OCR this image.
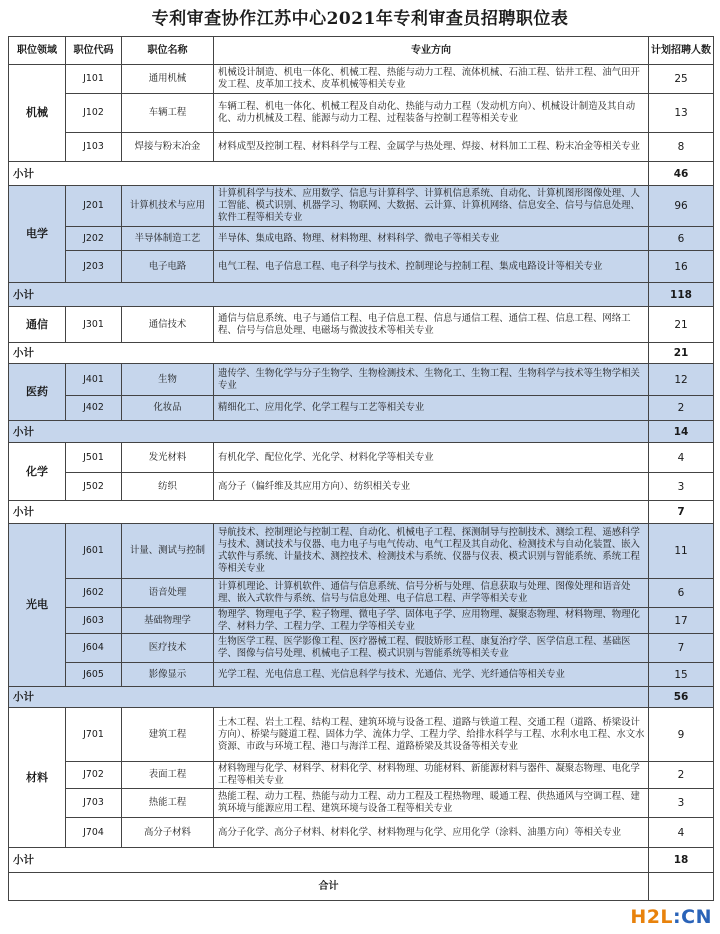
专利审查协作江苏中心2021年专利审查员招聘职位表
职位领域	职位代码	职位名称	专业方向	计划招聘人数
机械	J101	通用机械	机械设计制造、机电一体化、机械工程、热能与动力工程、流体机械、石油工程、钻井工程、油气田开发工程、皮革加工技术、皮革机械等相关专业	25
	J102	车辆工程	车辆工程、机电一体化、机械工程及自动化、热能与动力工程（发动机方向）、机械设计制造及其自动化、动力机械及工程、能源与动力工程、过程装备与控制工程等相关专业	13
	J103	焊接与粉末冶金	材料成型及控制工程、材料科学与工程、金属学与热处理、焊接、材料加工工程、粉末冶金等相关专业	8
小计				46
电学	J201	计算机技术与应用	计算机科学与技术、应用数学、信息与计算科学、计算机信息系统、自动化、计算机图形图像处理、人工智能、模式识别、机器学习、物联网、大数据、云计算、计算机网络、信息安全、信号与信息处理、软件工程等相关专业	96
	J202	半导体制造工艺	半导体、集成电路、物理、材料物理、材料科学、微电子等相关专业	6
	J203	电子电路	电气工程、电子信息工程、电子科学与技术、控制理论与控制工程、集成电路设计等相关专业	16
小计				118
通信	J301	通信技术	通信与信息系统、电子与通信工程、电子信息工程、信息与通信工程、通信工程、信息工程、网络工程、信号与信息处理、电磁场与微波技术等相关专业	21
小计				21
医药	J401	生物	遗传学、生物化学与分子生物学、生物检测技术、生物化工、生物工程、生物科学与技术等生物学相关专业	12
	J402	化妆品	精细化工、应用化学、化学工程与工艺等相关专业	2
小计				14
化学	J501	发光材料	有机化学、配位化学、光化学、材料化学等相关专业	4
	J502	纺织	高分子（偏纤维及其应用方向）、纺织相关专业	3
小计				7
光电	J601	计量、测试与控制	导航技术、控制理论与控制工程、自动化、机械电子工程、探测制导与控制技术、测绘工程、遥感科学与技术、测试技术与仪器、电力电子与电气传动、电气工程及其自动化、检测技术与自动化装置、嵌入式软件与系统、计量技术、测控技术、检测技术与系统、仪器与仪表、模式识别与智能系统、系统工程等相关专业	11
	J602	语音处理	计算机理论、计算机软件、通信与信息系统、信号分析与处理、信息获取与处理、图像处理和语音处理、嵌入式软件与系统、信号与信息处理、电子信息工程、声学等相关专业	6
	J603	基础物理学	物理学、物理电子学、粒子物理、微电子学、固体电子学、应用物理、凝聚态物理、材料物理、物理化学、材料力学、工程力学、工程力学等相关专业	17
	J604	医疗技术	生物医学工程、医学影像工程、医疗器械工程、假肢矫形工程、康复治疗学、医学信息工程、基础医学、图像与信号处理、机械电子工程、模式识别与智能系统等相关专业	7
	J605	影像显示	光学工程、光电信息工程、光信息科学与技术、光通信、光学、光纤通信等相关专业	15
小计				56
材料	J701	建筑工程	土木工程、岩土工程、结构工程、建筑环境与设备工程、道路与铁道工程、交通工程（道路、桥梁设计方向）、桥梁与隧道工程、固体力学、流体力学、工程力学、给排水科学与工程、水利水电工程、水文水资源、市政与环境工程、港口与海洋工程、道路桥梁及其设备等相关专业	9
	J702	表面工程	材料物理与化学、材料学、材料化学、材料物理、功能材料、新能源材料与器件、凝聚态物理、电化学工程等相关专业	2
	J703	热能工程	热能工程、动力工程、热能与动力工程、动力工程及工程热物理、暖通工程、供热通风与空调工程、建筑环境与能源应用工程、建筑环境与设备工程等相关专业	3
	J704	高分子材料	高分子化学、高分子材料、材料化学、材料物理与化学、应用化学（涂料、油墨方向）等相关专业	4
小计				18
合计				
H2L:CN
